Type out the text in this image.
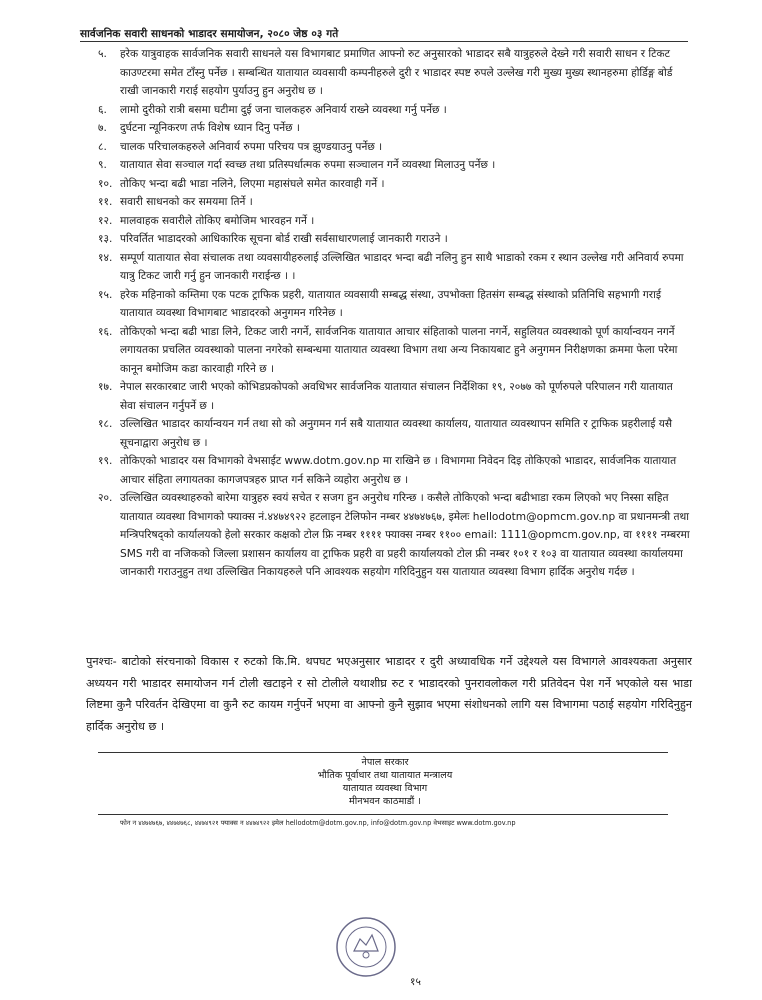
सार्वजनिक सवारी साधनको भाडादर समायोजन, २०८० जेष्ठ ०३ गते
५. हरेक यात्रुवाहक सार्वजनिक सवारी साधनले यस विभागबाट प्रमाणित आफ्नो रुट अनुसारको भाडादर सबै यात्रुहरुले देख्ने गरी सवारी साधन र टिकट काउण्टरमा समेत टाँस्नु पर्नेछ । सम्बन्धित यातायात व्यवसायी कम्पनीहरुले दुरी र भाडादर स्पष्ट रुपले उल्लेख गरी मुख्य मुख्य स्थानहरुमा होर्डिङ्ग बोर्ड राखी जानकारी गराई सहयोग पुर्याउनु हुन अनुरोध छ ।
६. लामो दुरीको रात्री बसमा घटीमा दुई जना चालकहरु अनिवार्य राख्ने व्यवस्था गर्नु पर्नेछ ।
७. दुर्घटना न्यूनिकरण तर्फ विशेष ध्यान दिनु पर्नेछ ।
८. चालक परिचालकहरुले अनिवार्य रुपमा परिचय पत्र झुण्डयाउनु पर्नेछ ।
९. यातायात सेवा सञ्चाल गर्दा स्वच्छ तथा प्रतिस्पर्धात्मक रुपमा सञ्चालन गर्ने व्यवस्था मिलाउनु पर्नेछ ।
१०. तोकिए भन्दा बढी भाडा नलिने, लिएमा महासंघले समेत कारवाही गर्ने ।
११. सवारी साधनको कर समयमा तिर्ने ।
१२. मालवाहक सवारीले तोकिए बमोजिम भारवहन गर्ने ।
१३. परिवर्तित भाडादरको आधिकारिक सूचना बोर्ड राखी सर्वसाधारणलाई जानकारी गराउने ।
१४. सम्पूर्ण यातायात सेवा संचालक तथा व्यवसायीहरुलाई उल्लिखित भाडादर भन्दा बढी नलिनु हुन साथै भाडाको रकम र स्थान उल्लेख गरी अनिवार्य रुपमा यात्रु टिकट जारी गर्नु हुन जानकारी गराईन्छ । ।
१५. हरेक महिनाको कम्तिमा एक पटक ट्राफिक प्रहरी, यातायात व्यवसायी सम्बद्ध संस्था, उपभोक्ता हितसंग सम्बद्ध संस्थाको प्रतिनिधि सहभागी गराई यातायात व्यवस्था विभागबाट भाडादरको अनुगमन गरिनेछ ।
१६. तोकिएको भन्दा बढी भाडा लिने, टिकट जारी नगर्ने, सार्वजनिक यातायात आचार संहिताको पालना नगर्ने, सहुलियत व्यवस्थाको पूर्ण कार्यान्वयन नगर्ने लगायतका प्रचलित व्यवस्थाको पालना नगरेको सम्बन्धमा यातायात व्यवस्था विभाग तथा अन्य निकायबाट हुने अनुगमन निरीक्षणका क्रममा फेला परेमा कानून बमोजिम कडा कारवाही गरिने छ ।
१७. नेपाल सरकारबाट जारी भएको कोभिडप्रकोपको अवधिभर सार्वजनिक यातायात संचालन निर्देशिका १९, २०७७ को पूर्णरुपले परिपालन गरी यातायात सेवा संचालन गर्नुपर्ने छ ।
१८. उल्लिखित भाडादर कार्यान्वयन गर्न तथा सो को अनुगमन गर्न सबै यातायात व्यवस्था कार्यालय, यातायात व्यवस्थापन समिति र ट्राफिक प्रहरीलाई यसै सूचनाद्वारा अनुरोध छ ।
१९. तोकिएको भाडादर यस विभागको वेभसाईट www.dotm.gov.np मा राखिने छ । विभागमा निवेदन दिइ तोकिएको भाडादर, सार्वजनिक यातायात आचार संहिता लगायतका कागजपत्रहरु प्राप्त गर्न सकिने व्यहोरा अनुरोध छ ।
२०. उल्लिखित व्यवस्थाहरुको बारेमा यात्रुहरु स्वयं सचेत र सजग हुन अनुरोध गरिन्छ । कसैले तोकिएको भन्दा बढीभाडा रकम लिएको भए निस्सा सहित यातायात व्यवस्था विभागको फ्याक्स नं.४४७४९२२ हटलाइन टेलिफोन नम्बर ४४७४७६७, इमेलः hellodotm@opmcm.gov.np वा प्रधानमन्त्री तथा मन्त्रिपरिषद्को कार्यालयको हेलो सरकार कक्षको टोल फ्रि नम्बर ११११ फ्याक्स नम्बर ११०० email: 1111@opmcm.gov.np, वा ११११ नम्बरमा SMS गरी वा नजिकको जिल्ला प्रशासन कार्यालय वा ट्राफिक प्रहरी वा प्रहरी कार्यालयको टोल फ्री नम्बर १०१ र १०३ वा यातायात व्यवस्था कार्यालयमा जानकारी गराउनुहुन तथा उल्लिखित निकायहरुले पनि आवश्यक सहयोग गरिदिनुहुन यस यातायात व्यवस्था विभाग हार्दिक अनुरोध गर्दछ ।
पुनश्चः- बाटोको संरचनाको विकास र रुटको कि.मि. थपघट भएअनुसार भाडादर र दुरी अध्यावधिक गर्ने उद्देश्यले यस विभागले आवश्यकता अनुसार अध्ययन गरी भाडादर समायोजन गर्न टोली खटाइने र सो टोलीले यथाशीघ्र रुट र भाडादरको पुनरावलोकल गरी प्रतिवेदन पेश गर्ने भएकोले यस भाडा लिष्टमा कुनै परिवर्तन देखिएमा वा कुनै रुट कायम गर्नुपर्ने भएमा वा आफ्नो कुनै सुझाव भएमा संशोधनको लागि यस विभागमा पठाई सहयोग गरिदिनुहुन हार्दिक अनुरोध छ ।
नेपाल सरकार
भौतिक पूर्वाधार तथा यातायात मन्त्रालय
यातायात व्यवस्था विभाग
मीनभवन काठमाडौं ।
फोन न ४४७४७६७, ४४७४७६८, ४४७४९२१ फ्याक्स न ४४७४९२२ इमेल hellodotm@dotm.gov.np, info@dotm.gov.np वेभसाइट www.dotm.gov.np
१५
